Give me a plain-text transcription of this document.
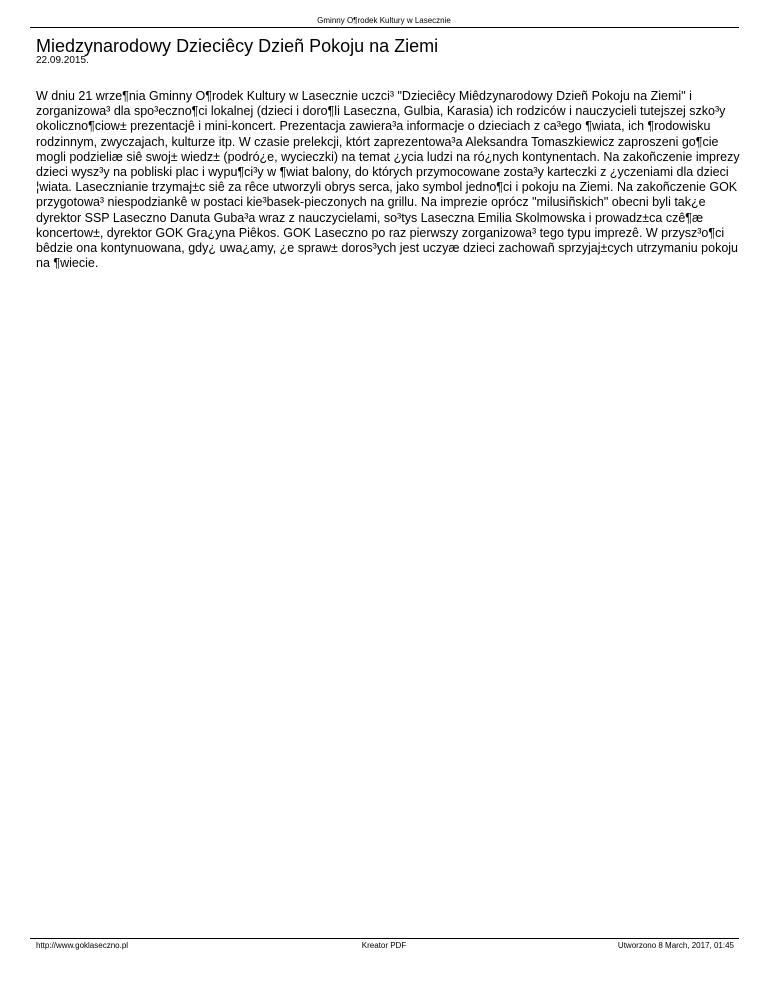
Gminny O¶rodek Kultury w Lasecznie
Miedzynarodowy Dzieciêcy Dzieñ Pokoju na Ziemi
22.09.2015.

W dniu 21 wrze¶nia Gminny O¶rodek Kultury w Lasecznie uczci³ "Dzieciêcy Miêdzynarodowy Dzieñ Pokoju na Ziemi" i zorganizowa³ dla spo³eczno¶ci lokalnej (dzieci i doro¶li Laseczna, Gulbia, Karasia) ich rodziców i nauczycieli tutejszej szko³y okoliczno¶ciow± prezentacjê i mini-koncert. Prezentacja zawiera³a informacje o dzieciach z ca³ego ¶wiata, ich ¶rodowisku rodzinnym, zwyczajach, kulturze itp. W czasie prelekcji, którt zaprezentowa³a Aleksandra Tomaszkiewicz zaproszeni go¶cie mogli podzieliæ siê swoj± wiedz± (podró¿e, wycieczki) na temat ¿ycia ludzi na ró¿nych kontynentach. Na zakoñczenie imprezy dzieci wysz³y na pobliski plac i wypu¶ci³y w ¶wiat balony, do których przymocowane zosta³y karteczki z ¿yczeniami dla dzieci ¦wiata. Lasecznianie trzymaj±c siê za rêce utworzyli obrys serca, jako symbol jedno¶ci i pokoju na Ziemi. Na zakoñczenie GOK przygotowa³ niespodziankê w postaci kie³basek-pieczonych na grillu. Na imprezie oprócz "milusiñskich" obecni byli tak¿e dyrektor SSP Laseczno Danuta Guba³a wraz z nauczycielami, so³tys Laseczna Emilia Skolmowska i prowadz±ca czê¶æ koncertow±, dyrektor GOK Gra¿yna Piêkos. GOK Laseczno po raz pierwszy zorganizowa³ tego typu imprezê. W przysz³o¶ci bêdzie ona kontynuowana, gdy¿ uwa¿amy, ¿e spraw± doros³ych jest uczyæ dzieci zachowañ sprzyjaj±cych utrzymaniu pokoju na ¶wiecie.

http://www.goklaseczno.pl	Kreator PDF	Utworzono 8 March, 2017, 01:45
